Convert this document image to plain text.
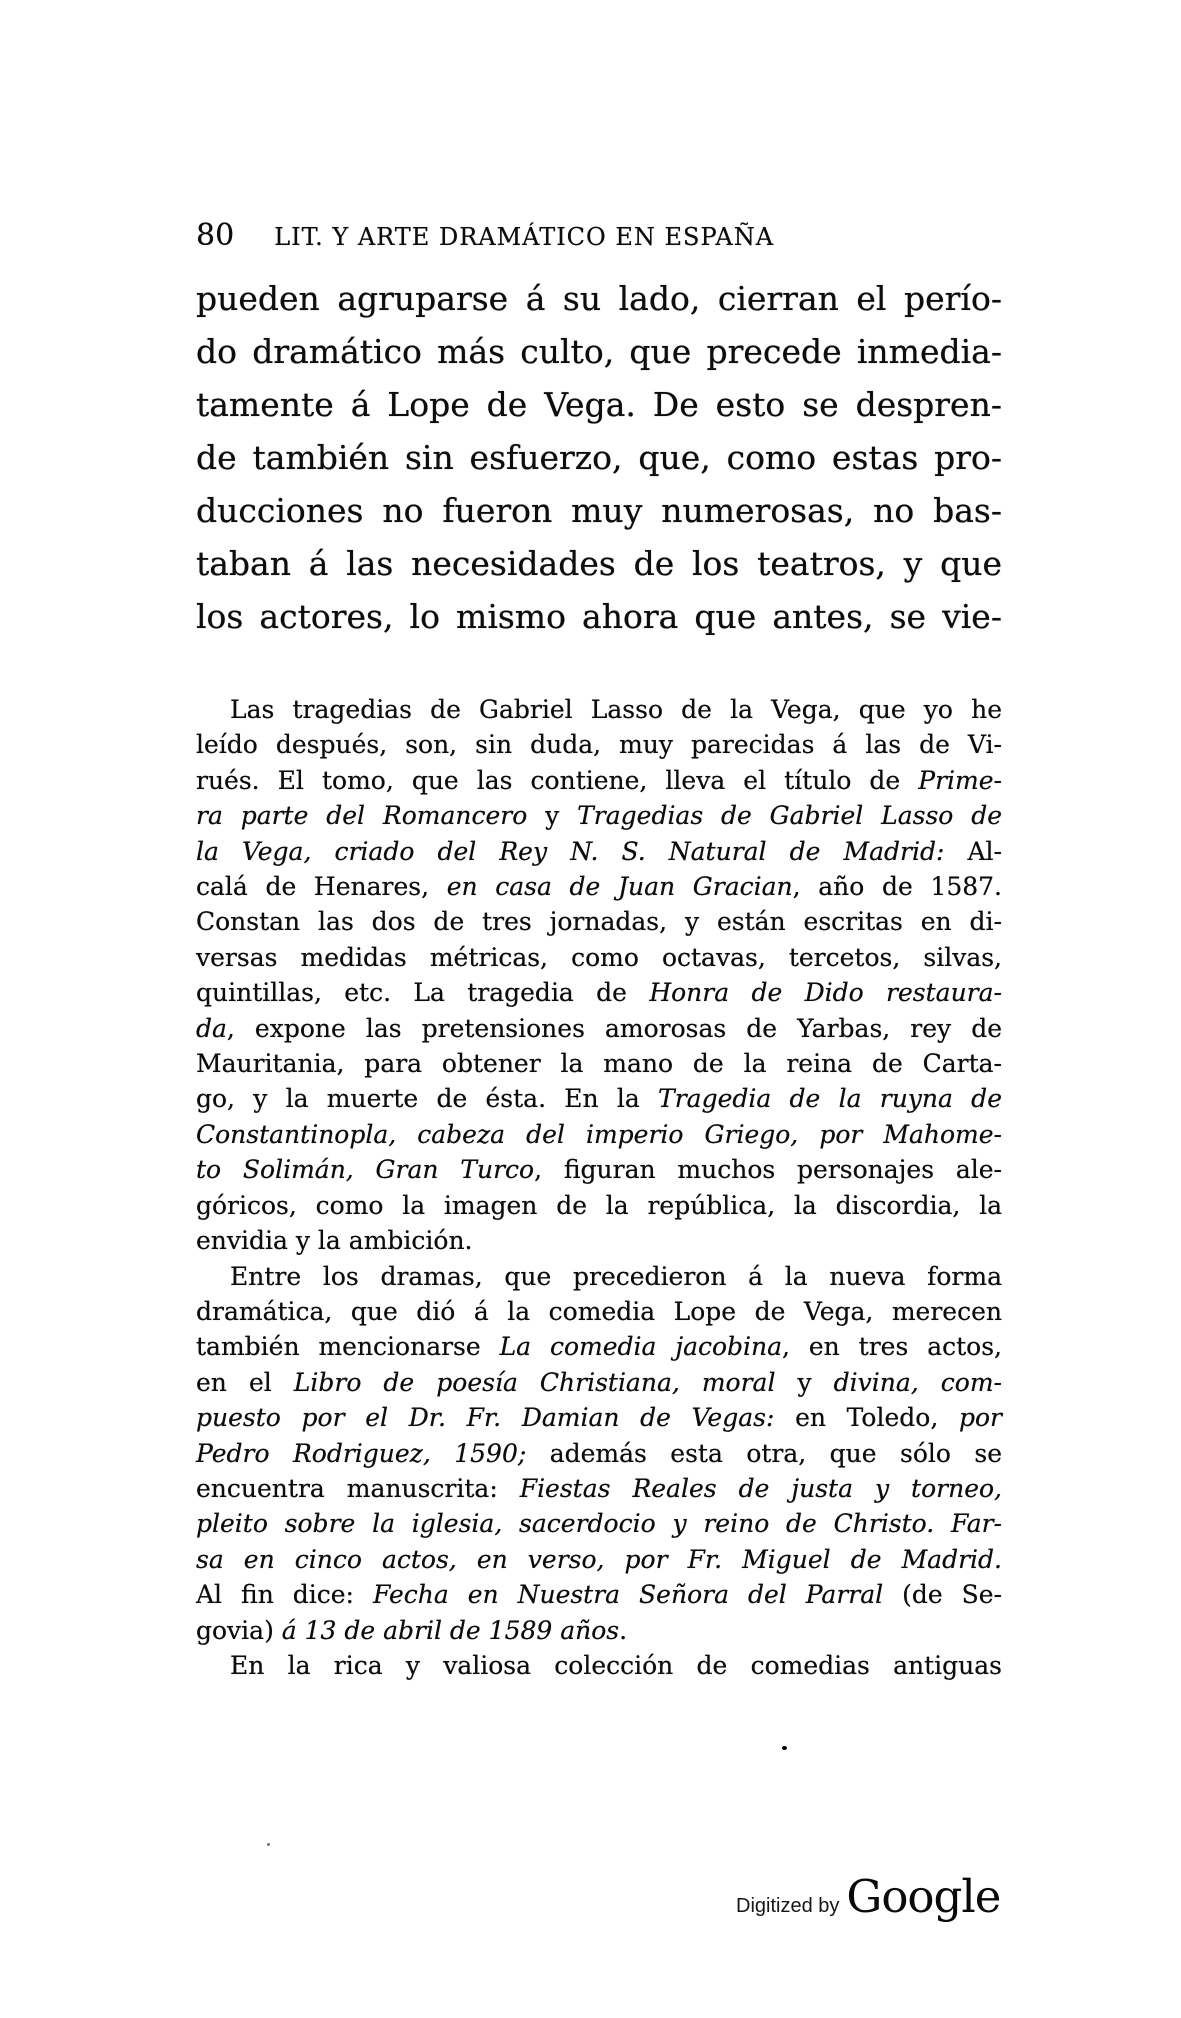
80 LIT. Y ARTE DRAMÁTICO EN ESPAÑA
pueden agruparse á su lado, cierran el perío-
do dramático más culto, que precede inmedia-
tamente á Lope de Vega. De esto se despren-
de también sin esfuerzo, que, como estas pro-
ducciones no fueron muy numerosas, no bas-
taban á las necesidades de los teatros, y que
los actores, lo mismo ahora que antes, se vie-
Las tragedias de Gabriel Lasso de la Vega, que yo he
leído después, son, sin duda, muy parecidas á las de Vi-
rués. El tomo, que las contiene, lleva el título de Prime-
ra parte del Romancero y Tragedias de Gabriel Lasso de
la Vega, criado del Rey N. S. Natural de Madrid: Al-
calá de Henares, en casa de Juan Gracian, año de 1587.
Constan las dos de tres jornadas, y están escritas en di-
versas medidas métricas, como octavas, tercetos, silvas,
quintillas, etc. La tragedia de Honra de Dido restaura-
da, expone las pretensiones amorosas de Yarbas, rey de
Mauritania, para obtener la mano de la reina de Carta-
go, y la muerte de ésta. En la Tragedia de la ruyna de
Constantinopla, cabeza del imperio Griego, por Mahome-
to Solimán, Gran Turco, figuran muchos personajes ale-
góricos, como la imagen de la república, la discordia, la
envidia y la ambición.
Entre los dramas, que precedieron á la nueva forma
dramática, que dió á la comedia Lope de Vega, merecen
también mencionarse La comedia jacobina, en tres actos,
en el Libro de poesía Christiana, moral y divina, com-
puesto por el Dr. Fr. Damian de Vegas: en Toledo, por
Pedro Rodriguez, 1590; además esta otra, que sólo se
encuentra manuscrita: Fiestas Reales de justa y torneo,
pleito sobre la iglesia, sacerdocio y reino de Christo. Far-
sa en cinco actos, en verso, por Fr. Miguel de Madrid.
Al fin dice: Fecha en Nuestra Señora del Parral (de Se-
govia) á 13 de abril de 1589 años.
En la rica y valiosa colección de comedias antiguas
Digitized by Google
